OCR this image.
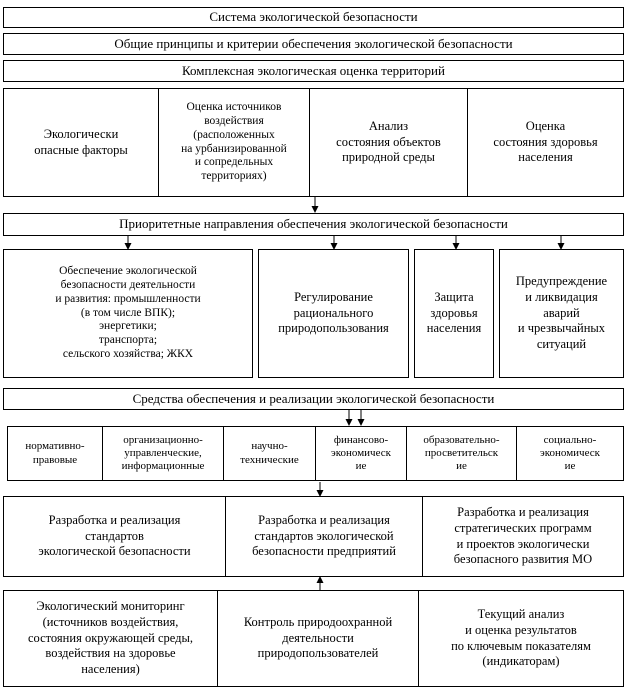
Система экологической безопасности
Общие принципы и критерии обеспечения экологической безопасности
Комплексная экологическая оценка территорий
Экологически
опасные факторы
Оценка источников
воздействия
(расположенных
на урбанизированной
и сопредельных
территориях)
Анализ
состояния объектов
природной среды
Оценка
состояния здоровья
населения
Приоритетные направления обеспечения экологической безопасности
Обеспечение экологической
безопасности деятельности
и развития: промышленности
(в том числе ВПК);
энергетики;
транспорта;
сельского хозяйства; ЖКХ
Регулирование
рационального
природопользования
Защита
здоровья
населения
Предупреждение
и ликвидация
аварий
и чрезвычайных
ситуаций
Средства обеспечения и реализации экологической безопасности
нормативно-
правовые
организационно-
управленческие,
информационные
научно-
технические
финансово-
экономическ
ие
образовательно-
просветительск
ие
социально-
экономическ
ие
Разработка и реализация
стандартов
экологической безопасности
Разработка и реализация
стандартов экологической
безопасности предприятий
Разработка и реализация
стратегических программ
и проектов экологически
безопасного развития МО
Экологический мониторинг
(источников воздействия,
состояния окружающей среды,
воздействия на здоровье
населения)
Контроль природоохранной
деятельности
природопользователей
Текущий анализ
и оценка результатов
по ключевым показателям
(индикаторам)
